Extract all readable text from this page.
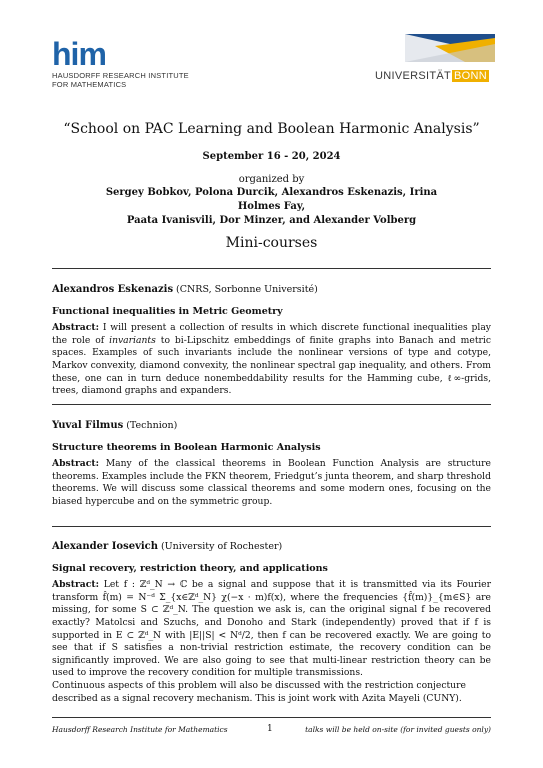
him
HAUSDORFF RESEARCH INSTITUTE
FOR MATHEMATICS
UNIVERSITÄT BONN
“School on PAC Learning and Boolean Harmonic Analysis”
September 16 - 20, 2024
organized by
Sergey Bobkov, Polona Durcik, Alexandros Eskenazis, Irina Holmes Fay,
Paata Ivanisvili, Dor Minzer, and Alexander Volberg
Mini-courses
Alexandros Eskenazis (CNRS, Sorbonne Université)
Functional inequalities in Metric Geometry
Abstract: I will present a collection of results in which discrete functional inequalities play the role of invariants to bi-Lipschitz embeddings of finite graphs into Banach and metric spaces. Examples of such invariants include the nonlinear versions of type and cotype, Markov convexity, diamond convexity, the nonlinear spectral gap inequality, and others. From these, one can in turn deduce nonembeddability results for the Hamming cube, ℓ∞-grids, trees, diamond graphs and expanders.
Yuval Filmus (Technion)
Structure theorems in Boolean Harmonic Analysis
Abstract: Many of the classical theorems in Boolean Function Analysis are structure theorems. Examples include the FKN theorem, Friedgut’s junta theorem, and sharp threshold theorems. We will discuss some classical theorems and some modern ones, focusing on the biased hypercube and on the symmetric group.
Alexander Iosevich (University of Rochester)
Signal recovery, restriction theory, and applications
Abstract: Let f : ℤᵈ_N → ℂ be a signal and suppose that it is transmitted via its Fourier transform f̂(m) = N⁻ᵈ Σ_{x∈ℤᵈ_N} χ(−x · m)f(x), where the frequencies {f̂(m)}_{m∈S} are missing, for some S ⊂ ℤᵈ_N. The question we ask is, can the original signal f be recovered exactly? Matolcsi and Szuchs, and Donoho and Stark (independently) proved that if f is supported in E ⊂ ℤᵈ_N with |E||S| < Nᵈ/2, then f can be recovered exactly. We are going to see that if S satisfies a non-trivial restriction estimate, the recovery condition can be significantly improved. We are also going to see that multi-linear restriction theory can be used to improve the recovery condition for multiple transmissions.

Continuous aspects of this problem will also be discussed with the restriction conjecture described as a signal recovery mechanism. This is joint work with Azita Mayeli (CUNY).

Hausdorff Research Institute for Mathematics	1	talks will be held on-site (for invited guests only)
